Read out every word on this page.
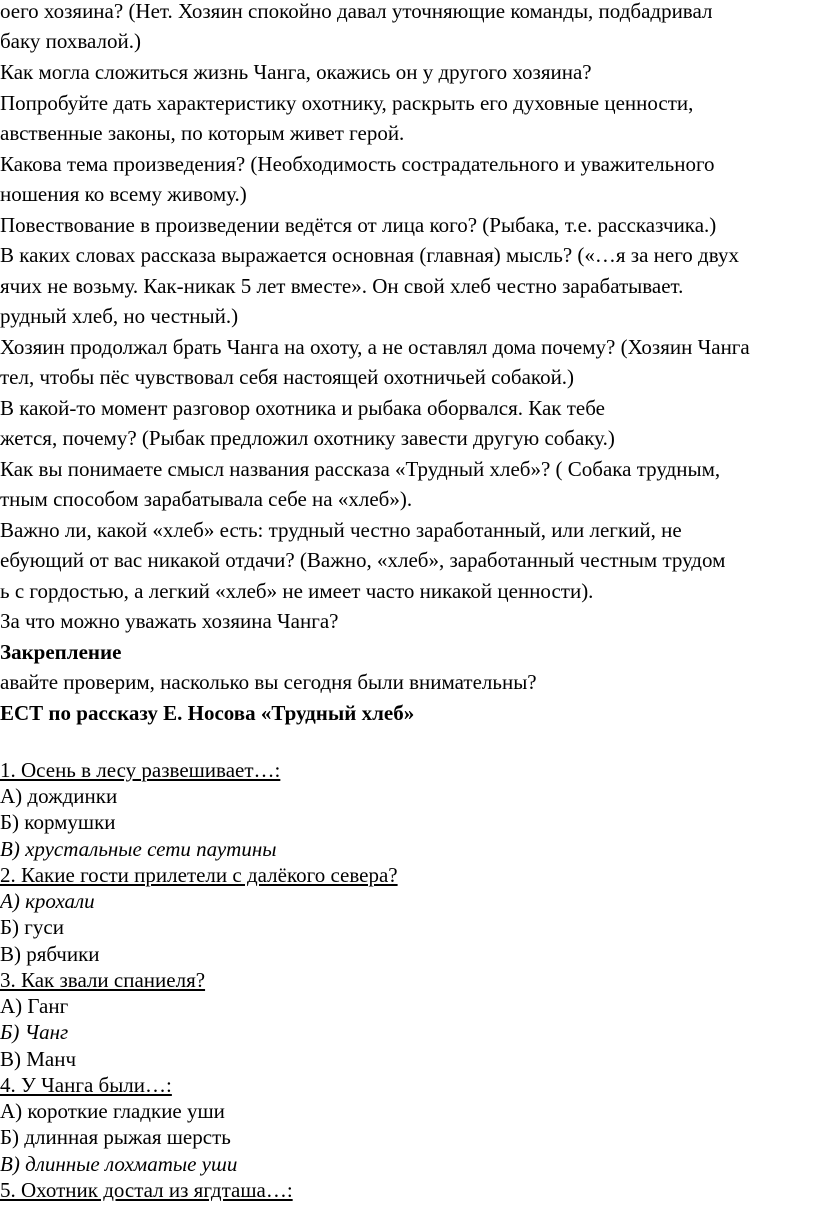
оего хозяина? (Нет. Хозяин спокойно давал уточняющие команды, подбадривал
бaку похвалой.)
Как могла сложиться жизнь Чанга, окажись он у другого хозяина?
Попробуйте дать характеристику охотнику, раскрыть его духовные ценности,
авственные законы, по которым живет герой.
Какова тема произведения? (Необходимость сострадательного и уважительного
ношения ко всему живому.)
Повествование в произведении ведётся от лица кого? (Рыбака, т.е. рассказчика.)
В каких словах рассказа выражается основная (главная) мысль? («…я за него двух
ячих не возьму. Как-никак 5 лет вместе». Он свой хлеб честно зарабатывает.
рудный хлеб, но честный.)
Хозяин продолжал брать Чанга на охоту, а не оставлял дома почему? (Хозяин Чанга
тел, чтобы пёс чувствовал себя настоящей охотничьей собакой.)
В какой-то момент разговор охотника и рыбака оборвался. Как тебе
жется, почему? (Рыбак предложил охотнику завести другую собаку.)
Как вы понимаете смысл названия рассказа «Трудный хлеб»? ( Собака трудным,
тным способом зарабатывала себе на «хлеб»).
Важно ли, какой «хлеб» есть: трудный честно заработанный, или легкий, не
ебующий от вас никакой отдачи? (Важно, «хлеб», заработанный честным трудом
ь с гордостью, а легкий «хлеб» не имеет часто никакой ценности).
За что можно уважать хозяина Чанга?
Закрепление
авайте проверим, насколько вы сегодня были внимательны?
ЕСТ по рассказу Е. Носова «Трудный хлеб»
1. Осень в лесу развешивает…:
А) дождинки
Б) кормушки
В) хрустальные сети паутины
2. Какие гости прилетели с далёкого севера?
А) крохали
Б) гуси
В) рябчики
3. Как звали спаниеля?
А) Ганг
Б) Чанг
В) Манч
4. У Чанга были…:
А) короткие гладкие уши
Б) длинная рыжая шерсть
В) длинные лохматые уши
5. Охотник достал из ягдташа…:
